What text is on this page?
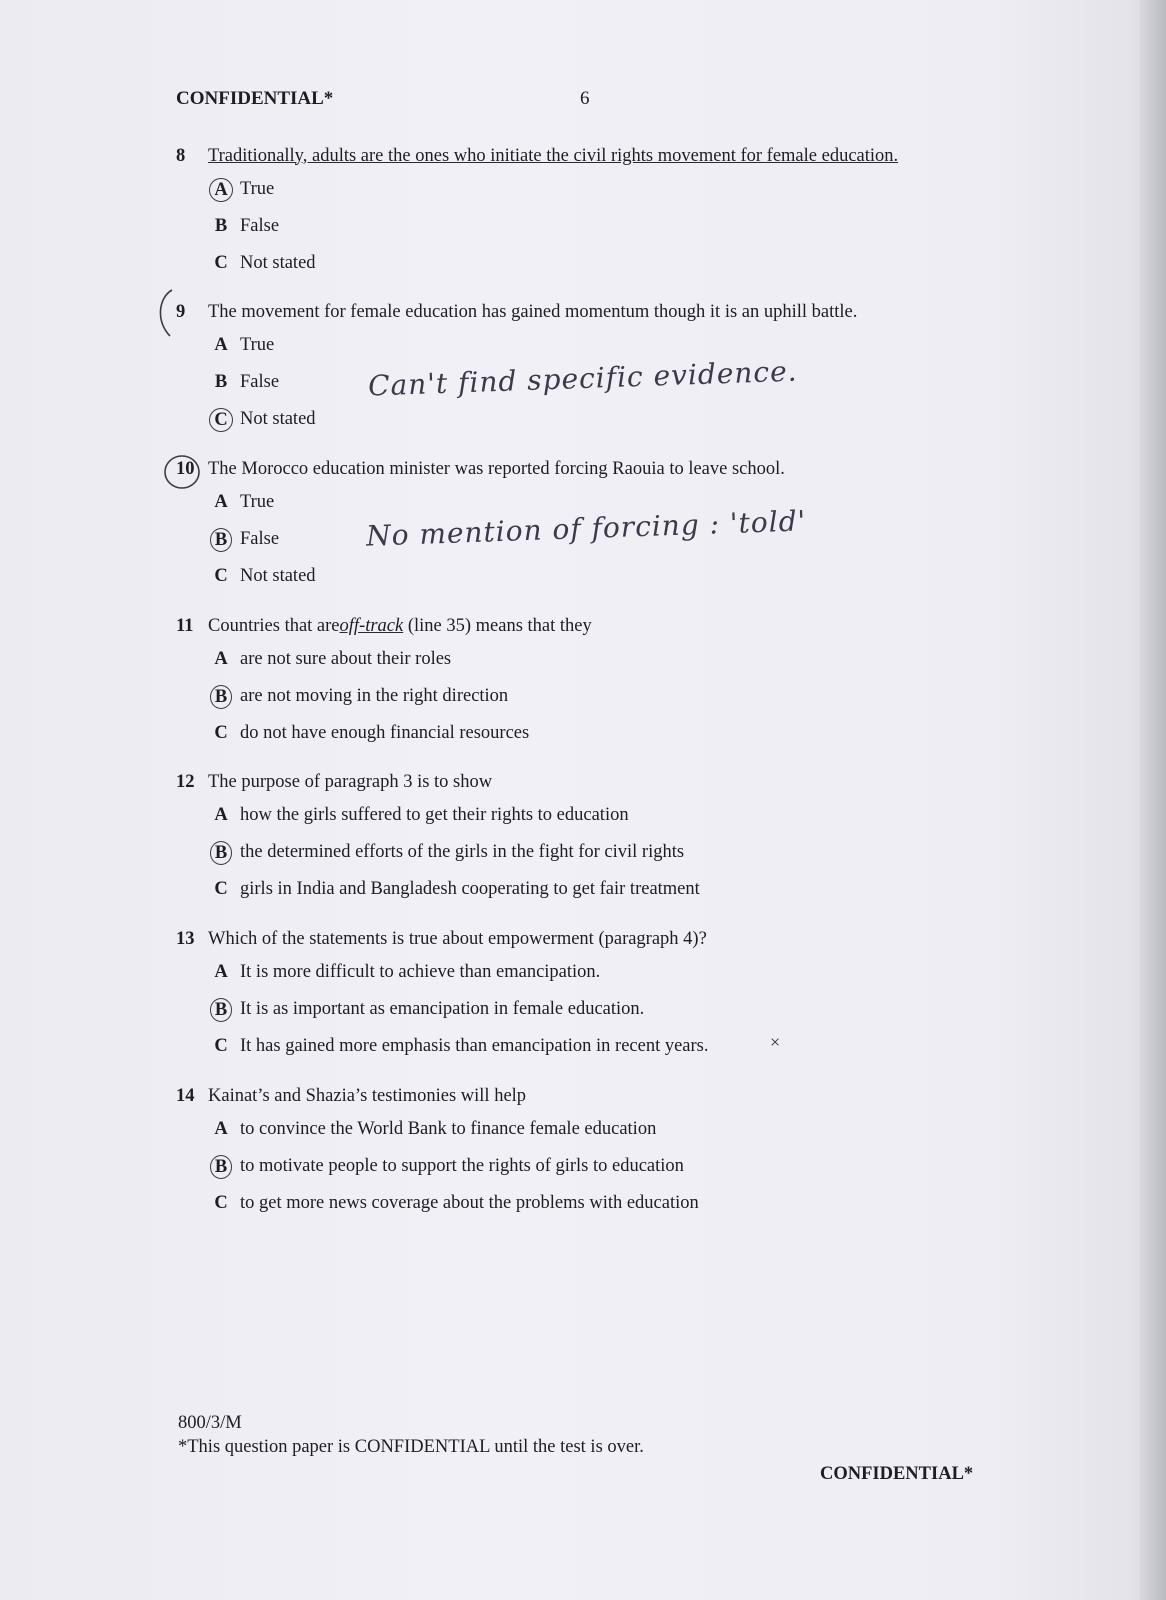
CONFIDENTIAL*	6
8	Traditionally, adults are the ones who initiate the civil rights movement for female education.
A True
B False
C Not stated
9	The movement for female education has gained momentum though it is an uphill battle.
A True
B False
C Not stated
Can't find specific evidence.
10 The Morocco education minister was reported forcing Raouia to leave school.
A True
B False
C Not stated
No mention of forcing : 'told'
11 Countries that are off-track (line 35) means that they
A are not sure about their roles
B are not moving in the right direction
C do not have enough financial resources
12 The purpose of paragraph 3 is to show
A how the girls suffered to get their rights to education
B the determined efforts of the girls in the fight for civil rights
C girls in India and Bangladesh cooperating to get fair treatment
13 Which of the statements is true about empowerment (paragraph 4)?
A It is more difficult to achieve than emancipation.
B It is as important as emancipation in female education.
C It has gained more emphasis than emancipation in recent years.	×
14 Kainat’s and Shazia’s testimonies will help
A to convince the World Bank to finance female education
B to motivate people to support the rights of girls to education
C to get more news coverage about the problems with education
800/3/M
*This question paper is CONFIDENTIAL until the test is over.
CONFIDENTIAL*
